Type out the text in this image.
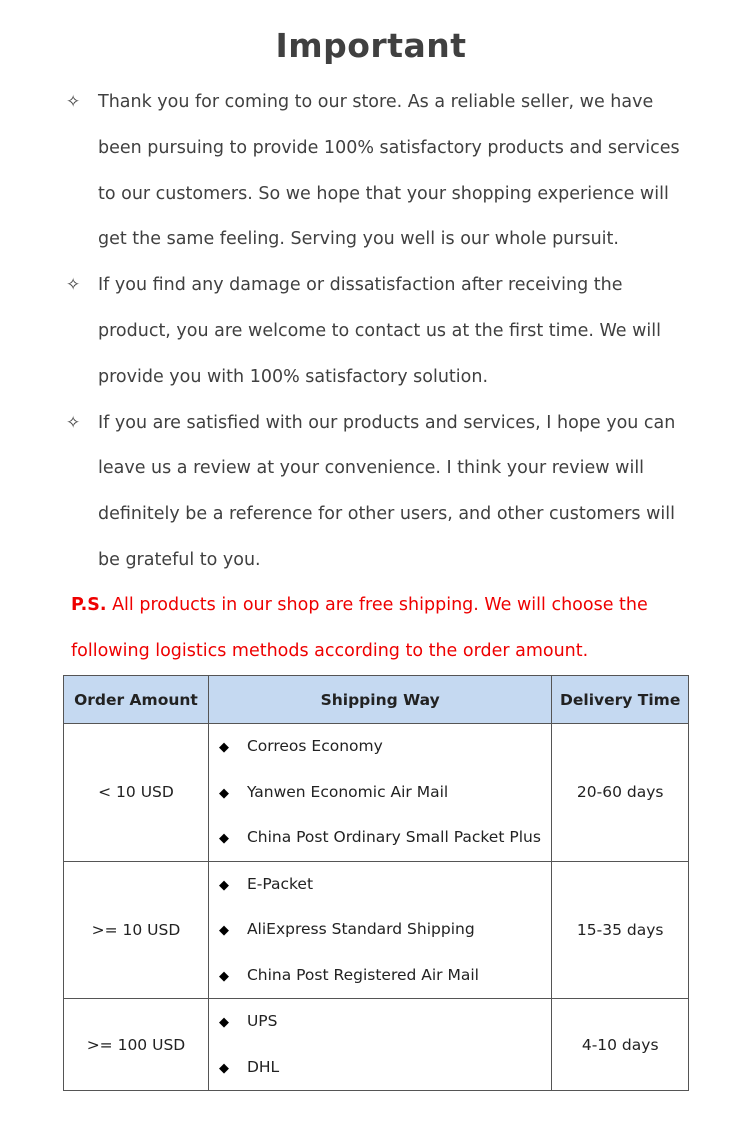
Important
✧ Thank you for coming to our store. As a reliable seller, we have been pursuing to provide 100% satisfactory products and services to our customers. So we hope that your shopping experience will get the same feeling. Serving you well is our whole pursuit.
✧ If you find any damage or dissatisfaction after receiving the product, you are welcome to contact us at the first time. We will provide you with 100% satisfactory solution.
✧ If you are satisfied with our products and services, I hope you can leave us a review at your convenience. I think your review will definitely be a reference for other users, and other customers will be grateful to you.
P.S. All products in our shop are free shipping. We will choose the following logistics methods according to the order amount.
Order Amount	Shipping Way	Delivery Time
< 10 USD	◆ Correos Economy
◆ Yanwen Economic Air Mail
◆ China Post Ordinary Small Packet Plus	20-60 days
>= 10 USD	◆ E-Packet
◆ AliExpress Standard Shipping
◆ China Post Registered Air Mail	15-35 days
>= 100 USD	◆ UPS
◆ DHL	4-10 days
